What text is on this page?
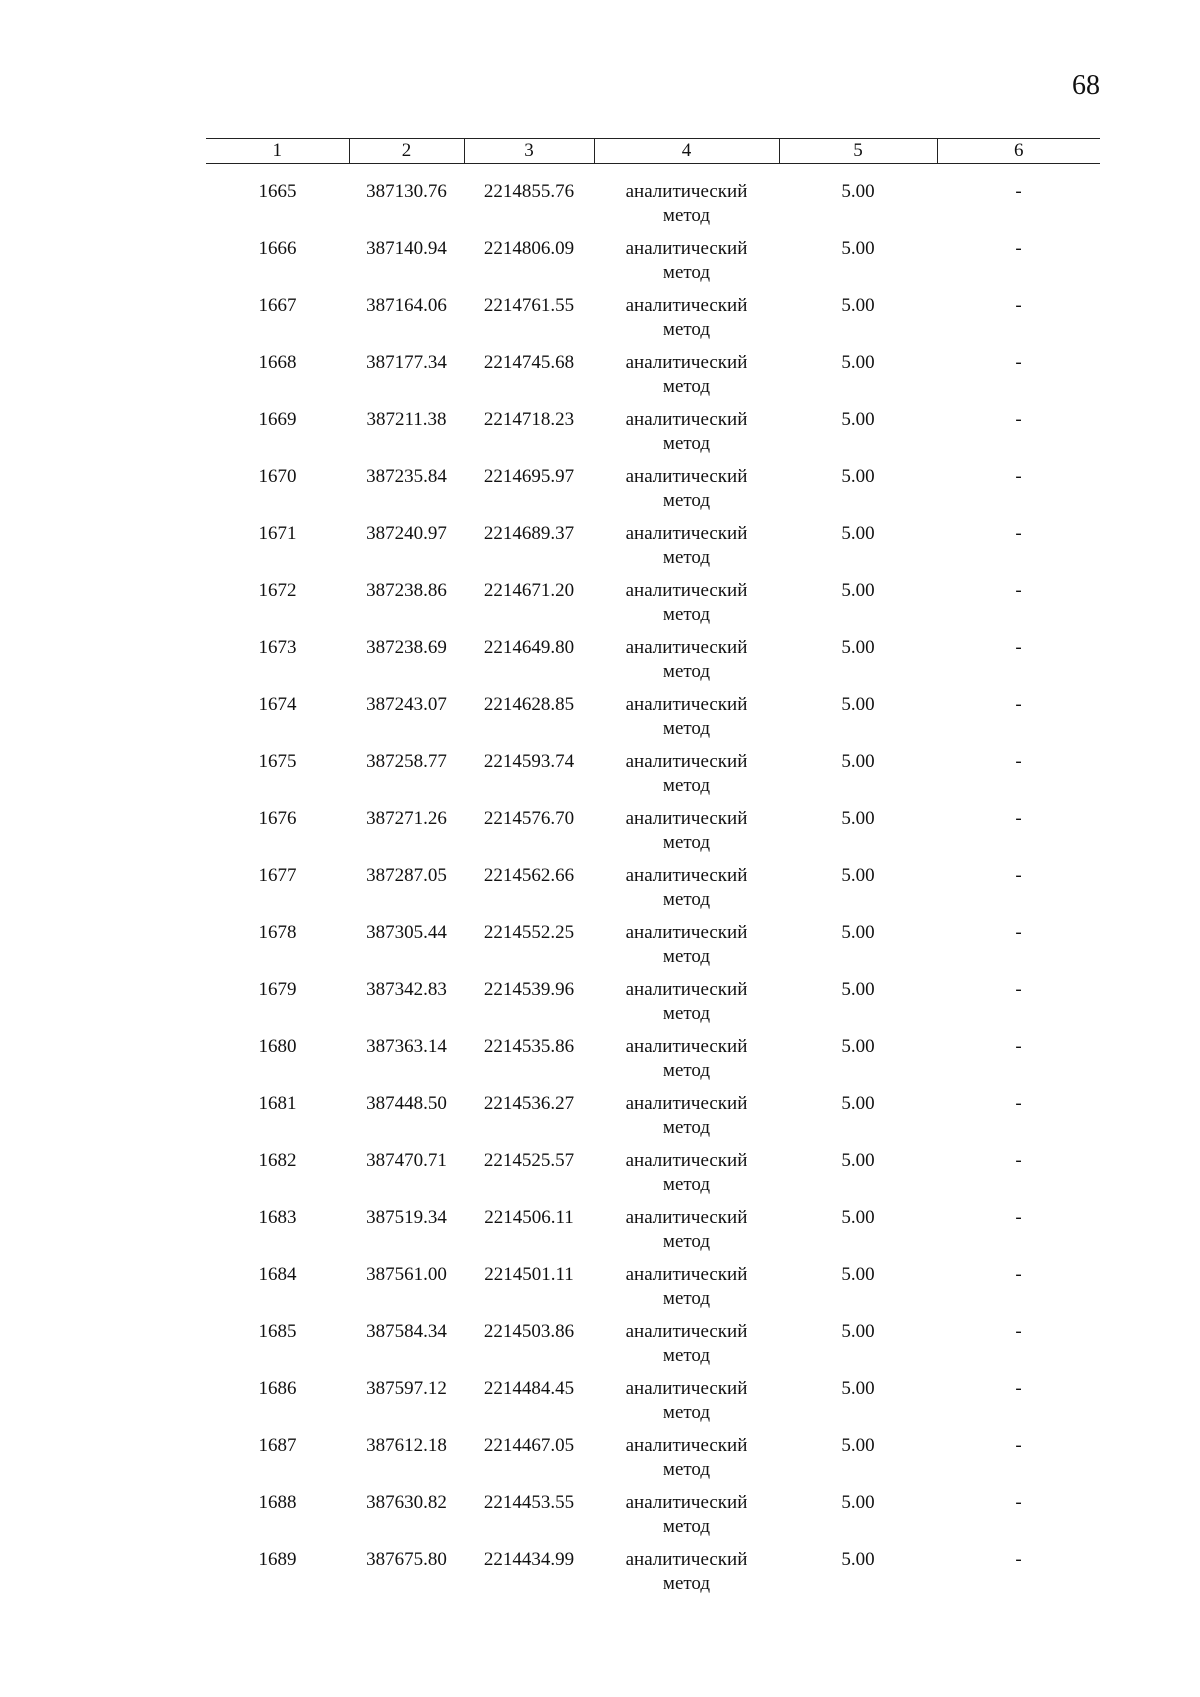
68
1	2	3	4	5	6
1665	387130.76	2214855.76	аналитический метод	5.00	-
1666	387140.94	2214806.09	аналитический метод	5.00	-
1667	387164.06	2214761.55	аналитический метод	5.00	-
1668	387177.34	2214745.68	аналитический метод	5.00	-
1669	387211.38	2214718.23	аналитический метод	5.00	-
1670	387235.84	2214695.97	аналитический метод	5.00	-
1671	387240.97	2214689.37	аналитический метод	5.00	-
1672	387238.86	2214671.20	аналитический метод	5.00	-
1673	387238.69	2214649.80	аналитический метод	5.00	-
1674	387243.07	2214628.85	аналитический метод	5.00	-
1675	387258.77	2214593.74	аналитический метод	5.00	-
1676	387271.26	2214576.70	аналитический метод	5.00	-
1677	387287.05	2214562.66	аналитический метод	5.00	-
1678	387305.44	2214552.25	аналитический метод	5.00	-
1679	387342.83	2214539.96	аналитический метод	5.00	-
1680	387363.14	2214535.86	аналитический метод	5.00	-
1681	387448.50	2214536.27	аналитический метод	5.00	-
1682	387470.71	2214525.57	аналитический метод	5.00	-
1683	387519.34	2214506.11	аналитический метод	5.00	-
1684	387561.00	2214501.11	аналитический метод	5.00	-
1685	387584.34	2214503.86	аналитический метод	5.00	-
1686	387597.12	2214484.45	аналитический метод	5.00	-
1687	387612.18	2214467.05	аналитический метод	5.00	-
1688	387630.82	2214453.55	аналитический метод	5.00	-
1689	387675.80	2214434.99	аналитический метод	5.00	-
